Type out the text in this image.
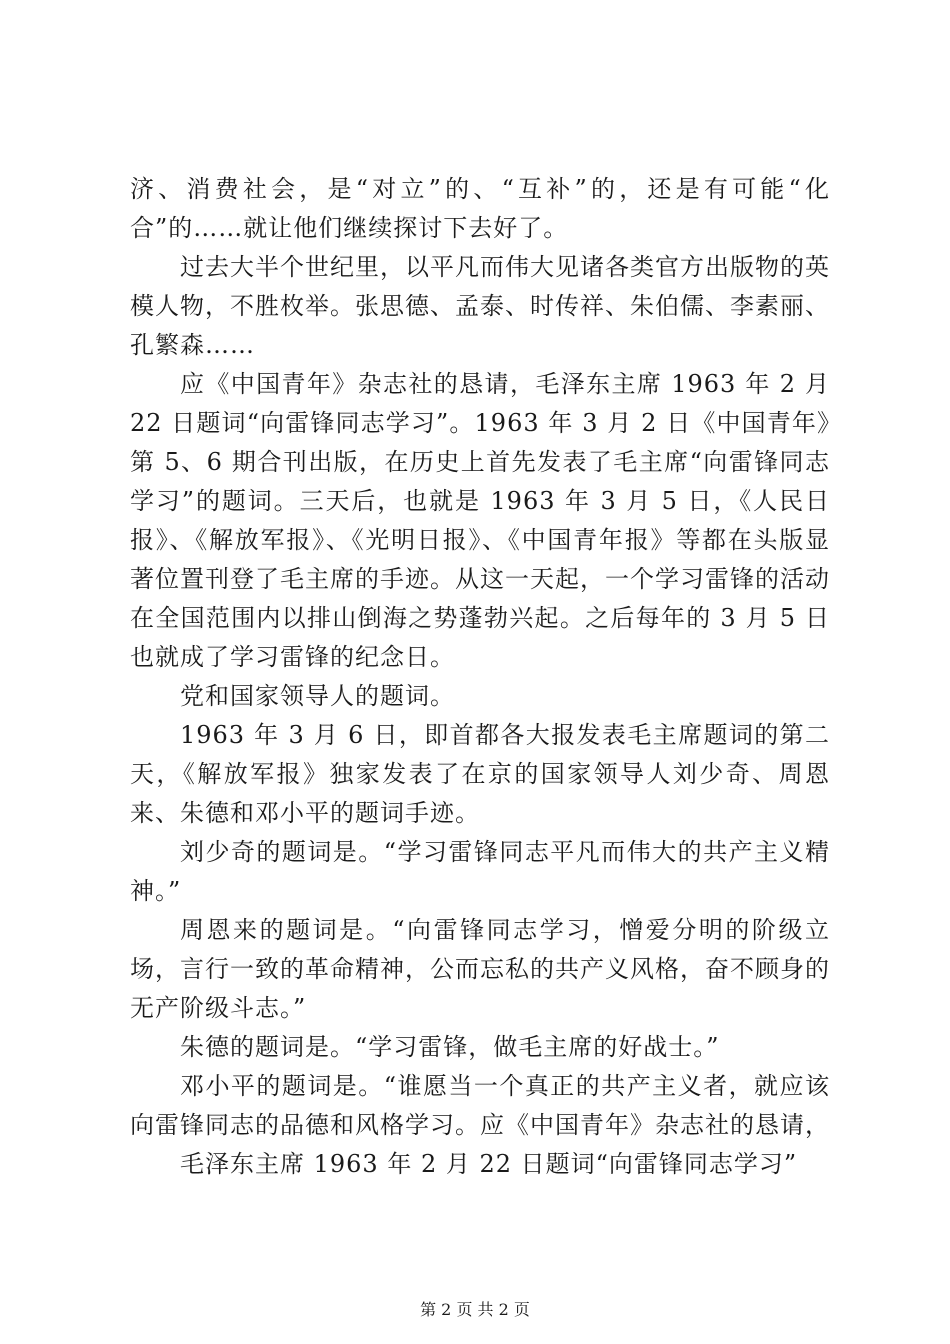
济、消费社会，是“对立”的、“互补”的，还是有可能“化合”的……就让他们继续探讨下去好了。

过去大半个世纪里，以平凡而伟大见诸各类官方出版物的英模人物，不胜枚举。张思德、孟泰、时传祥、朱伯儒、李素丽、孔繁森……

应《中国青年》杂志社的恳请，毛泽东主席 1963 年 2 月 22 日题词“向雷锋同志学习”。1963 年 3 月 2 日《中国青年》第 5、6 期合刊出版，在历史上首先发表了毛主席“向雷锋同志学习”的题词。三天后，也就是 1963 年 3 月 5 日，《人民日报》、《解放军报》、《光明日报》、《中国青年报》等都在头版显著位置刊登了毛主席的手迹。从这一天起，一个学习雷锋的活动在全国范围内以排山倒海之势蓬勃兴起。之后每年的 3 月 5 日也就成了学习雷锋的纪念日。

党和国家领导人的题词。

1963 年 3 月 6 日，即首都各大报发表毛主席题词的第二天，《解放军报》独家发表了在京的国家领导人刘少奇、周恩来、朱德和邓小平的题词手迹。

刘少奇的题词是。“学习雷锋同志平凡而伟大的共产主义精神。”

周恩来的题词是。“向雷锋同志学习，憎爱分明的阶级立场，言行一致的革命精神，公而忘私的共产义风格，奋不顾身的无产阶级斗志。”

朱德的题词是。“学习雷锋，做毛主席的好战士。”

邓小平的题词是。“谁愿当一个真正的共产主义者，就应该向雷锋同志的品德和风格学习。应《中国青年》杂志社的恳请，

毛泽东主席 1963 年 2 月 22 日题词“向雷锋同志学习”

第 2 页 共 2 页
